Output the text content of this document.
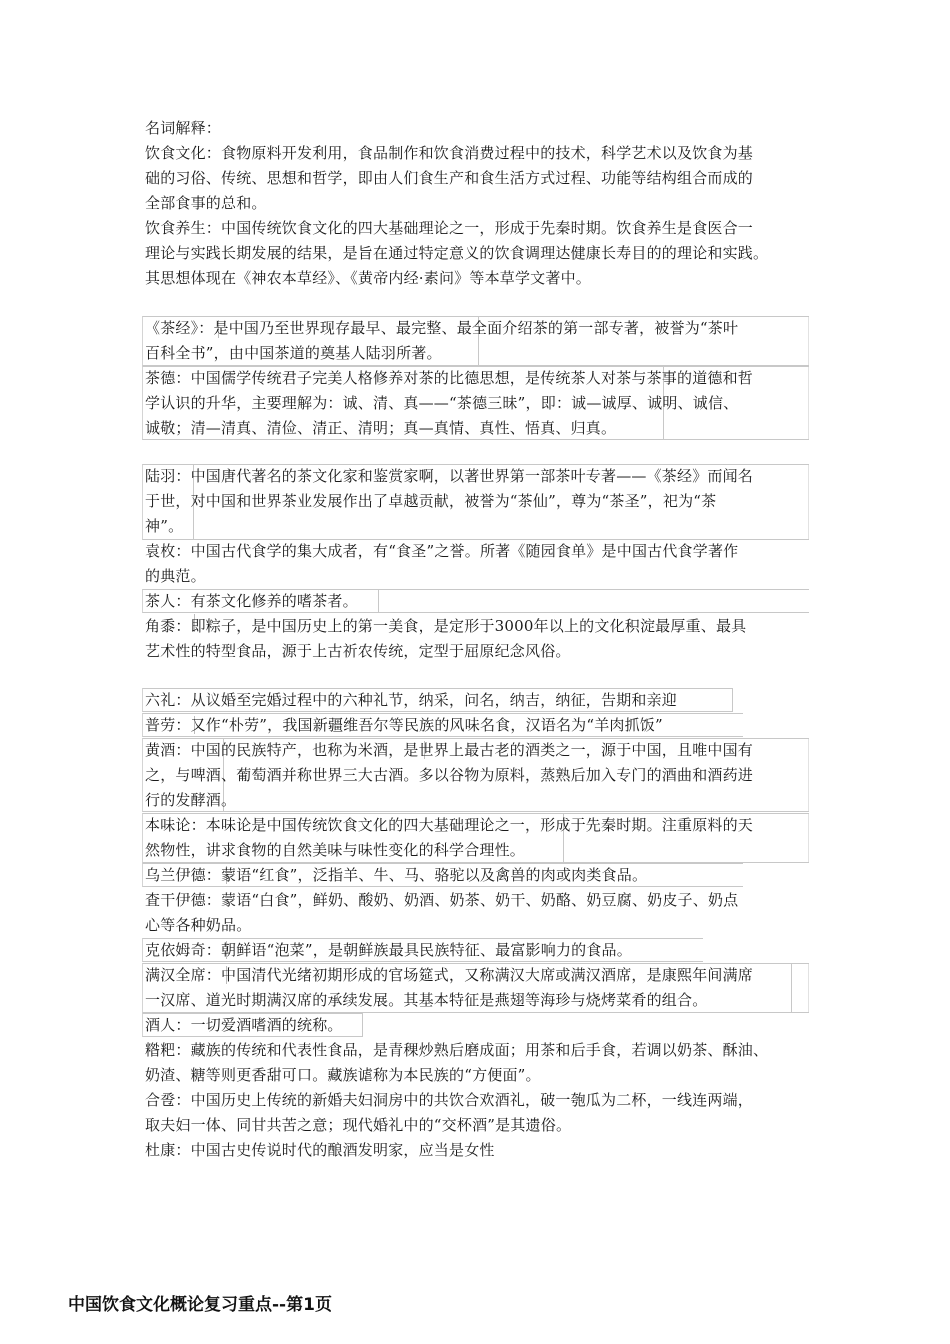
名词解释：
饮食文化：食物原料开发利用，食品制作和饮食消费过程中的技术，科学艺术以及饮食为基
础的习俗、传统、思想和哲学，即由人们食生产和食生活方式过程、功能等结构组合而成的
全部食事的总和。
饮食养生：中国传统饮食文化的四大基础理论之一，形成于先秦时期。饮食养生是食医合一
理论与实践长期发展的结果，是旨在通过特定意义的饮食调理达健康长寿目的的理论和实践。
其思想体现在《神农本草经》、《黄帝内经·素问》等本草学文著中。
《茶经》：是中国乃至世界现存最早、最完整、最全面介绍茶的第一部专著，被誉为“茶叶
百科全书”，由中国茶道的奠基人陆羽所著。
茶德：中国儒学传统君子完美人格修养对茶的比德思想，是传统茶人对茶与茶事的道德和哲
学认识的升华，主要理解为：诚、清、真——“茶德三昧”，即：诚—诚厚、诚明、诚信、
诚敬；清—清真、清俭、清正、清明；真—真情、真性、悟真、归真。
陆羽：中国唐代著名的茶文化家和鉴赏家啊，以著世界第一部茶叶专著——《茶经》而闻名
于世，对中国和世界茶业发展作出了卓越贡献，被誉为“茶仙”，尊为“茶圣”，祀为“茶
神”。
袁枚：中国古代食学的集大成者，有“食圣”之誉。所著《随园食单》是中国古代食学著作
的典范。
茶人：有茶文化修养的嗜茶者。
角黍：即粽子，是中国历史上的第一美食，是定形于3000年以上的文化积淀最厚重、最具
艺术性的特型食品，源于上古祈农传统，定型于屈原纪念风俗。
六礼：从议婚至完婚过程中的六种礼节，纳采，问名，纳吉，纳征，告期和亲迎
普劳：又作“朴劳”，我国新疆维吾尔等民族的风味名食，汉语名为“羊肉抓饭”
黄酒：中国的民族特产，也称为米酒，是世界上最古老的酒类之一，源于中国，且唯中国有
之，与啤酒、葡萄酒并称世界三大古酒。多以谷物为原料，蒸熟后加入专门的酒曲和酒药进
行的发酵酒。
本味论：本味论是中国传统饮食文化的四大基础理论之一，形成于先秦时期。注重原料的天
然物性，讲求食物的自然美味与味性变化的科学合理性。
乌兰伊德：蒙语“红食”，泛指羊、牛、马、骆驼以及禽兽的肉或肉类食品。
査干伊德：蒙语“白食”，鲜奶、酸奶、奶酒、奶茶、奶干、奶酪、奶豆腐、奶皮子、奶点
心等各种奶品。
克依姆奇：朝鲜语“泡菜”，是朝鲜族最具民族特征、最富影响力的食品。
满汉全席：中国清代光绪初期形成的官场筵式，又称满汉大席或满汉酒席，是康熙年间满席
一汉席、道光时期满汉席的承续发展。其基本特征是燕翅等海珍与烧烤菜肴的组合。
酒人：一切爱酒嗜酒的统称。
糌粑：藏族的传统和代表性食品，是青稞炒熟后磨成面；用茶和后手食，若调以奶茶、酥油、
奶渣、糖等则更香甜可口。藏族谑称为本民族的“方便面”。
合卺：中国历史上传统的新婚夫妇洞房中的共饮合欢酒礼，破一匏瓜为二杯，一线连两端，
取夫妇一体、同甘共苦之意；现代婚礼中的“交杯酒”是其遗俗。
杜康：中国古史传说时代的酿酒发明家，应当是女性
中国饮食文化概论复习重点--第1页
